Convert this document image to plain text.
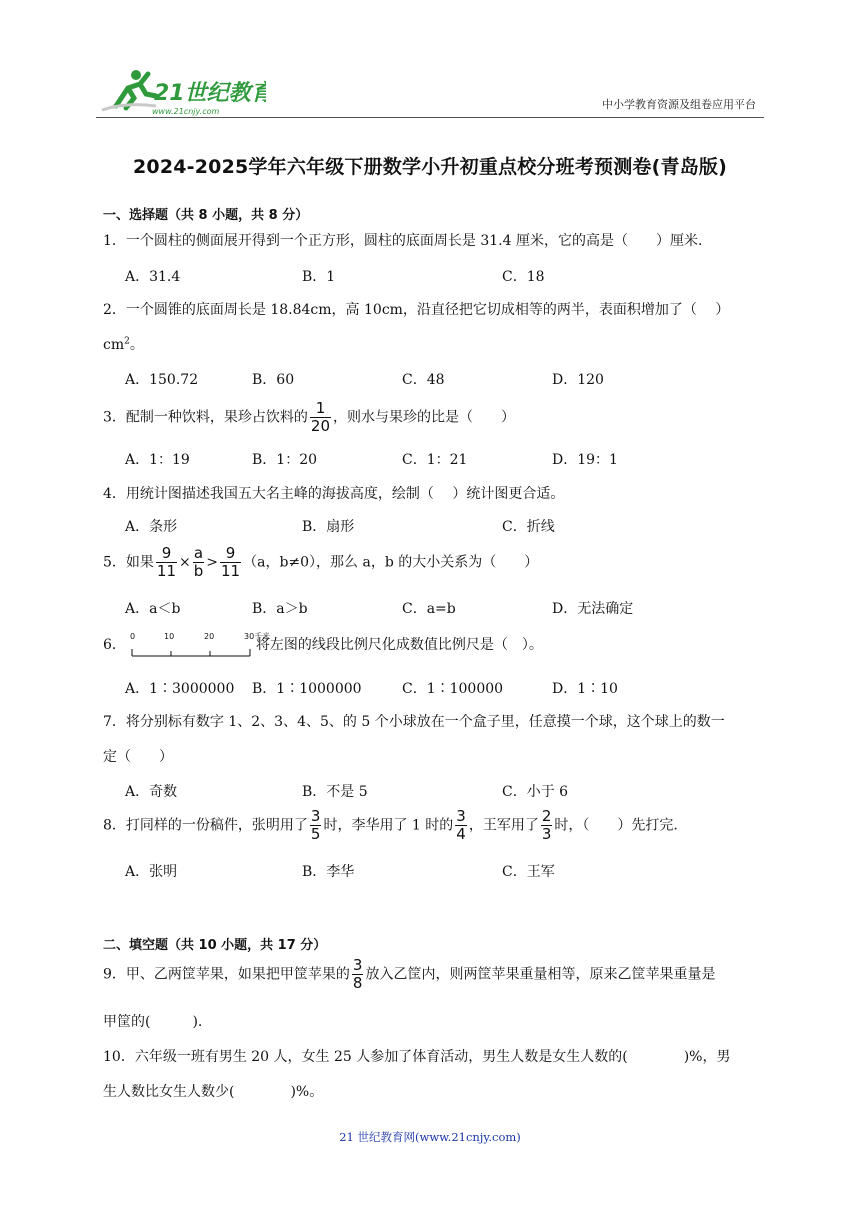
21世纪教育
www.21cnjy.com
中小学教育资源及组卷应用平台
2024-2025学年六年级下册数学小升初重点校分班考预测卷(青岛版)
一、选择题（共 8 小题，共 8 分）
1．一个圆柱的侧面展开得到一个正方形，圆柱的底面周长是 31.4 厘米，它的高是（　　）厘米.
A．31.4	B．1	C．18
2．一个圆锥的底面周长是 18.84cm，高 10cm，沿直径把它切成相等的两半，表面积增加了（　 ）
$cm^2$。
A．150.72	B．60	C．48	D．120
3．配制一种饮料，果珍占饮料的 $\frac{1}{20}$ ，则水与果珍的比是（　　）
A．1：19	B．1：20	C．1：21	D．19：1
4．用统计图描述我国五大名主峰的海拔高度，绘制（　 ）统计图更合适。
A．条形	B．扇形	C．折线
5．如果 $\frac{9}{11} \times \frac{a}{b} > \frac{9}{11} (a$，b≠0），那么 a，b 的大小关系为（　　）
A．a＜b	B．a＞b	C．a=b	D．无法确定
6．
0	10	20	30千米
将左图的线段比例尺化成数值比例尺是（　）。
A．1∶3000000 B．1∶1000000	C．1∶100000	D．1∶10
7．将分别标有数字 1、2、3、4、5、的 5 个小球放在一个盒子里，任意摸一个球，这个球上的数一
定（　　）
A．奇数	B．不是 5	C．小于 6
8．打同样的一份稿件，张明用了 $\frac{3}{5}$ 时，李华用了 1 时的 $\frac{3}{4}$ ，王军用了 $\frac{2}{3}$ 时，（　　）先打完.
A．张明	B．李华	C．王军
二、填空题（共 10 小题，共 17 分）
9．甲、乙两筐苹果，如果把甲筐苹果的 $\frac{3}{8}$ 放入乙筐内，则两筐苹果重量相等，原来乙筐苹果重量是
甲筐的(　　　).
10．六年级一班有男生 20 人，女生 25 人参加了体育活动，男生人数是女生人数的(　　　　)%，男
生人数比女生人数少(　　　　)%。
21 世纪教育网(www.21cnjy.com)
